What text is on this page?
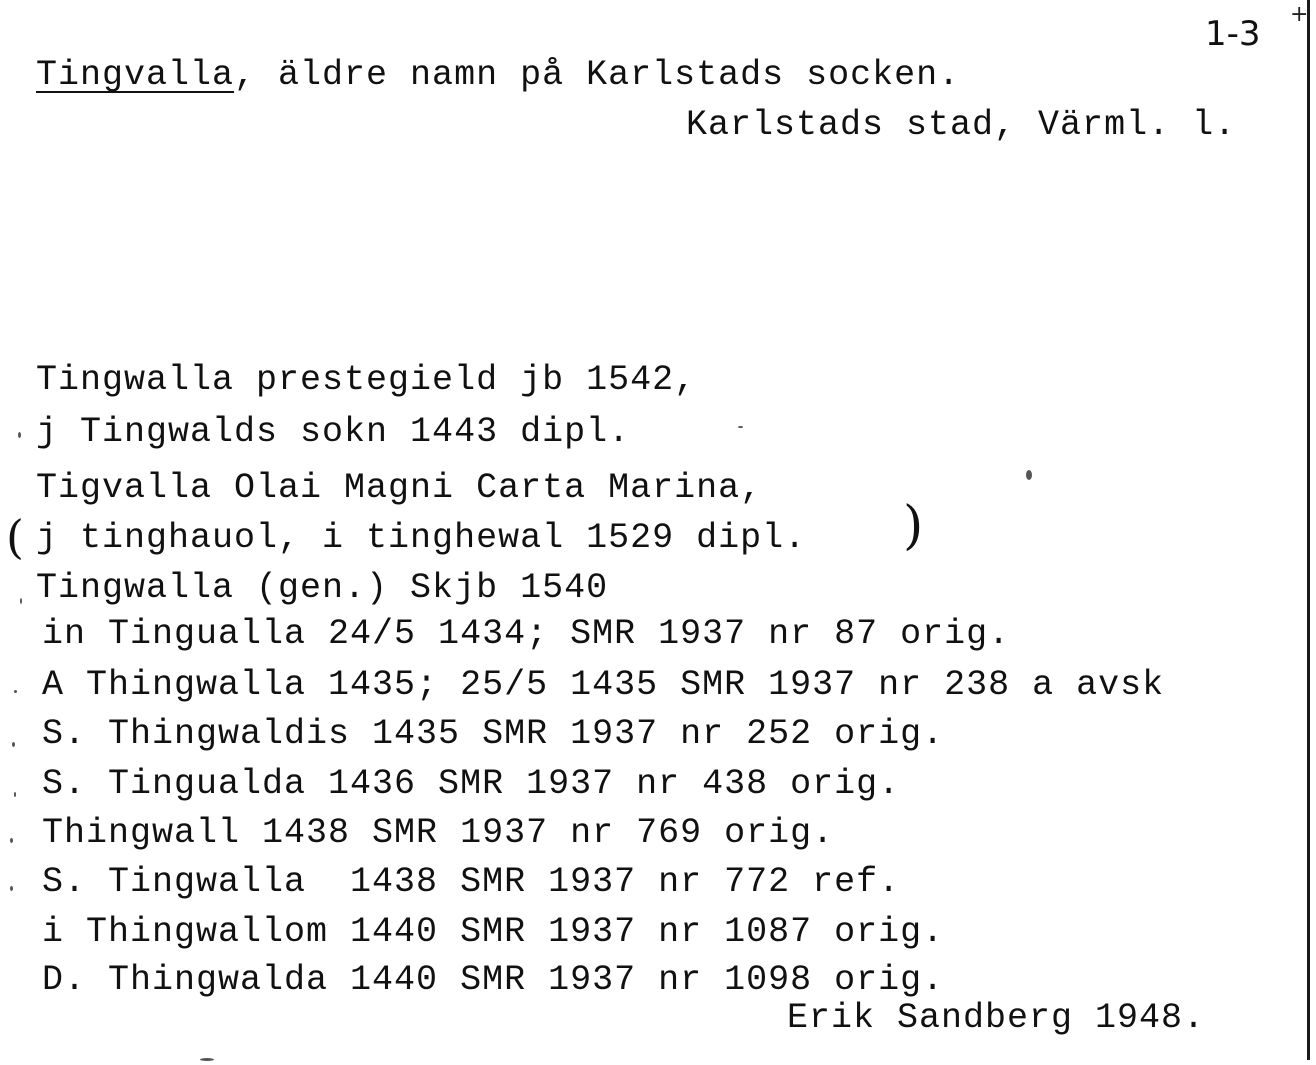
1-3
Tingvalla, äldre namn på Karlstads socken.
Karlstads stad, Värml. l.
Tingwalla prestegield jb 1542,
j Tingwalds sokn 1443 dipl.
Tigvalla Olai Magni Carta Marina,
j tinghauol, i tinghewal 1529 dipl.
Tingwalla (gen.) Skjb 1540
in Tingualla 24/5 1434; SMR 1937 nr 87 orig.
A Thingwalla 1435; 25/5 1435 SMR 1937 nr 238 a avsk
S. Thingwaldis 1435 SMR 1937 nr 252 orig.
S. Tingualda 1436 SMR 1937 nr 438 orig.
Thingwall 1438 SMR 1937 nr 769 orig.
S. Tingwalla  1438 SMR 1937 nr 772 ref.
i Thingwallom 1440 SMR 1937 nr 1087 orig.
D. Thingwalda 1440 SMR 1937 nr 1098 orig.
Erik Sandberg 1948.
(	)
+
